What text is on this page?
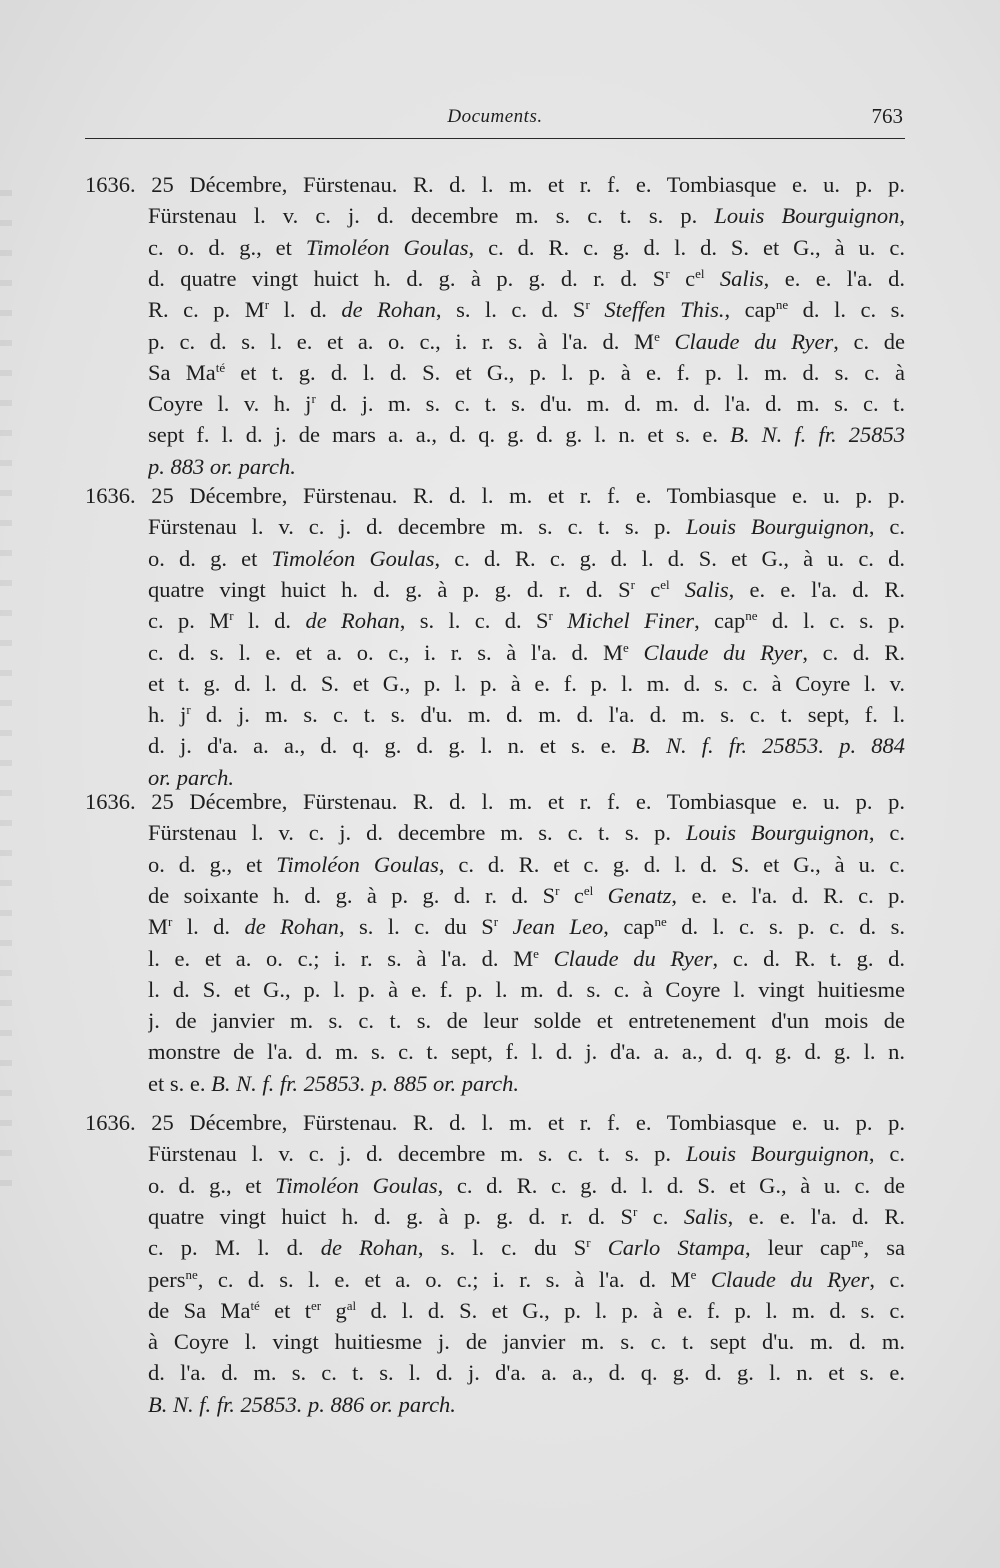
Documents.	763
1636. 25 Décembre, Fürstenau. R. d. l. m. et r. f. e. Tombiasque e. u. p. p.
Fürstenau l. v. c. j. d. decembre m. s. c. t. s. p. Louis Bourguignon,
c. o. d. g., et Timoléon Goulas, c. d. R. c. g. d. l. d. S. et G., à u. c.
d. quatre vingt huict h. d. g. à p. g. d. r. d. $S^r$ $c^{el}$ Salis, e. e. l'a. d.
R. c. p. $M^r$ l. d. de Rohan, s. l. c. d. $S^r$ Steffen This., cap$^{ne}$ d. l. c. s.
p. c. d. s. l. e. et a. o. c., i. r. s. à l'a. d. Me Claude du Ryer, c. de
Sa $Ma^{té}$ et t. g. d. l. d. S. et G., p. l. p. à e. f. p. l. m. d. s. c. à
Coyre l. v. h. $j^r$ d. j. m. s. c. t. s. d'u. m. d. m. d. l'a. d. m. s. c. t.
sept f. l. d. j. de mars a. a., d. q. g. d. g. l. n. et s. e. B. N. f. fr. 25853
p. 883 or. parch.
1636. 25 Décembre, Fürstenau. R. d. l. m. et r. f. e. Tombiasque e. u. p. p.
Fürstenau l. v. c. j. d. decembre m. s. c. t. s. p. Louis Bourguignon, c.
o. d. g. et Timoléon Goulas, c. d. R. c. g. d. l. d. S. et G., à u. c. d.
quatre vingt huict h. d. g. à p. g. d. r. d. $S^r$ $c^{el}$ Salis, e. e. l'a. d. R.
c. p. $M^r$ l. d. de Rohan, s. l. c. d. $S^r$ Michel Finer, cap$^{ne}$ d. l. c. s. p.
c. d. s. l. e. et a. o. c., i. r. s. à l'a. d. Me Claude du Ryer, c. d. R.
et t. g. d. l. d. S. et G., p. l. p. à e. f. p. l. m. d. s. c. à Coyre l. v.
h. $j^r$ d. j. m. s. c. t. s. d'u. m. d. m. d. l'a. d. m. s. c. t. sept, f. l.
d. j. d'a. a. a., d. q. g. d. g. l. n. et s. e. B. N. f. fr. 25853. p. 884
or. parch.
1636. 25 Décembre, Fürstenau. R. d. l. m. et r. f. e. Tombiasque e. u. p. p.
Fürstenau l. v. c. j. d. decembre m. s. c. t. s. p. Louis Bourguignon, c.
o. d. g., et Timoléon Goulas, c. d. R. et c. g. d. l. d. S. et G., à u. c.
de soixante h. d. g. à p. g. d. r. d. $S^r$ $c^{el}$ Genatz, e. e. l'a. d. R. c. p.
$M^r$ l. d. de Rohan, s. l. c. du $S^r$ Jean Leo, cap$^{ne}$ d. l. c. s. p. c. d. s.
l. e. et a. o. c.; i. r. s. à l'a. d. Me Claude du Ryer, c. d. R. t. g. d.
l. d. S. et G., p. l. p. à e. f. p. l. m. d. s. c. à Coyre l. vingt huitiesme
j. de janvier m. s. c. t. s. de leur solde et entretenement d'un mois de
monstre de l'a. d. m. s. c. t. sept, f. l. d. j. d'a. a. a., d. q. g. d. g. l. n.
et s. e. B. N. f. fr. 25853. p. 885 or. parch.
1636. 25 Décembre, Fürstenau. R. d. l. m. et r. f. e. Tombiasque e. u. p. p.
Fürstenau l. v. c. j. d. decembre m. s. c. t. s. p. Louis Bourguignon, c.
o. d. g., et Timoléon Goulas, c. d. R. c. g. d. l. d. S. et G., à u. c. de
quatre vingt huict h. d. g. à p. g. d. r. d. $S^r$ c. Salis, e. e. l'a. d. R.
c. p. M. l. d. de Rohan, s. l. c. du $S^r$ Carlo Stampa, leur cap$^{ne}$, sa
pers$^{ne}$, c. d. s. l. e. et a. o. c.; i. r. s. à l'a. d. Me Claude du Ryer, c.
de Sa $Ma^{té}$ et $t^{er}$ $g^{al}$ d. l. d. S. et G., p. l. p. à e. f. p. l. m. d. s. c.
à Coyre l. vingt huitiesme j. de janvier m. s. c. t. sept d'u. m. d. m.
d. l'a. d. m. s. c. t. s. l. d. j. d'a. a. a., d. q. g. d. g. l. n. et s. e.
B. N. f. fr. 25853. p. 886 or. parch.
